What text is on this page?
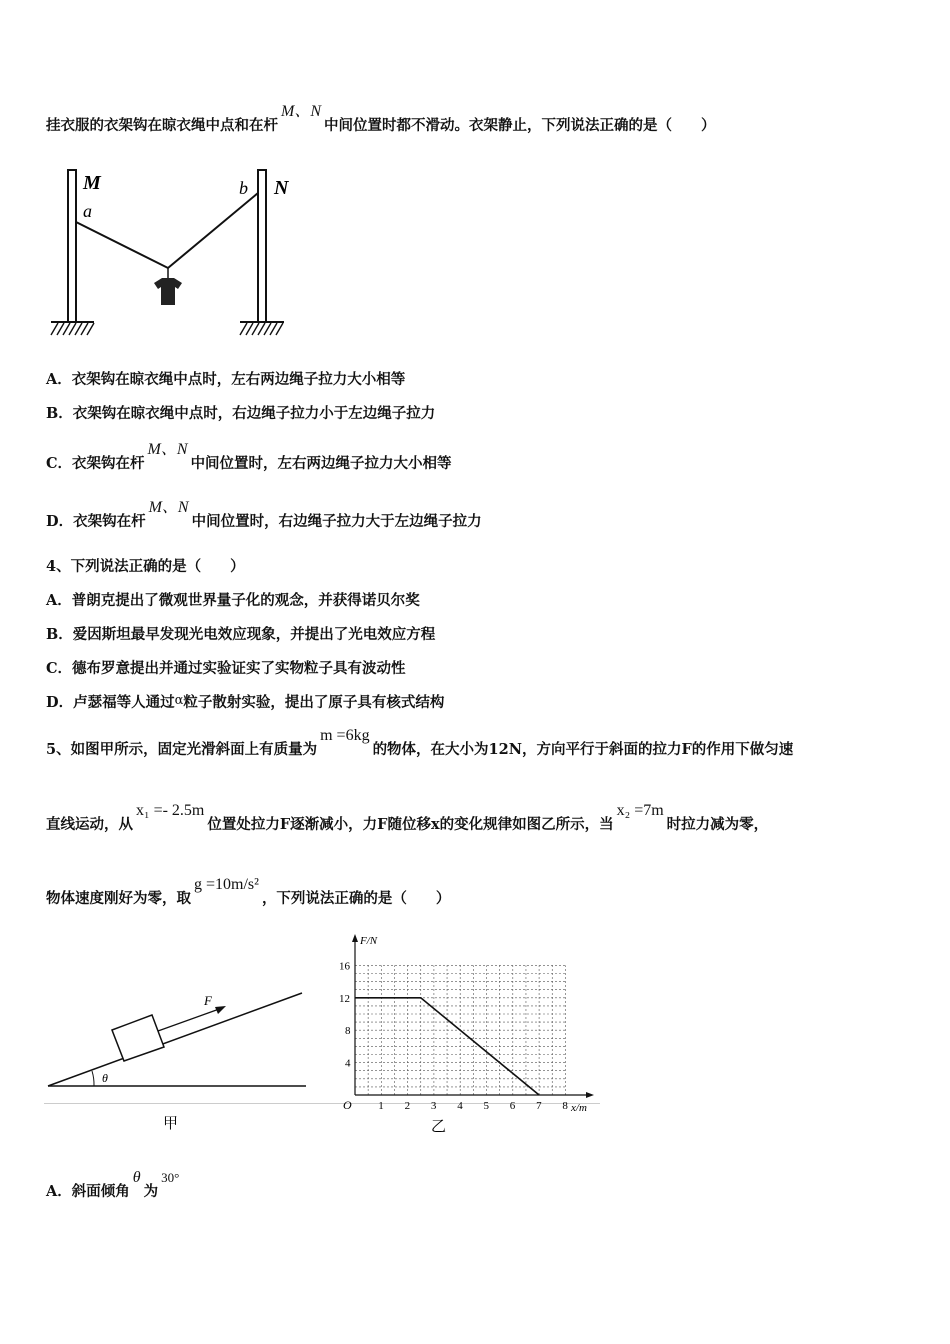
挂衣服的衣架钩在晾衣绳中点和在杆M、N中间位置时都不滑动。衣架静止，下列说法正确的是（　　）
M
a
b N
A．衣架钩在晾衣绳中点时，左右两边绳子拉力大小相等
B．衣架钩在晾衣绳中点时，右边绳子拉力小于左边绳子拉力
C．衣架钩在杆M、N中间位置时，左右两边绳子拉力大小相等
D．衣架钩在杆M、N中间位置时，右边绳子拉力大于左边绳子拉力
4、下列说法正确的是（　　）
A．普朗克提出了微观世界量子化的观念，并获得诺贝尔奖
B．爱因斯坦最早发现光电效应现象，并提出了光电效应方程
C．德布罗意提出并通过实验证实了实物粒子具有波动性
D．卢瑟福等人通过α粒子散射实验，提出了原子具有核式结构
5、如图甲所示，固定光滑斜面上有质量为m =6kg的物体，在大小为12N，方向平行于斜面的拉力F的作用下做匀速
直线运动，从x₁ =- 2.5m位置处拉力F逐渐减小，力F随位移x的变化规律如图乙所示，当x₂ =7m时拉力减为零，
物体速度刚好为零，取g =10m/s²，下列说法正确的是（　　）
F
θ
甲
F/N
x/m
O 1 2 3 4 5 6 7 8
4
8
12
16
乙
A．斜面倾角θ为30°
